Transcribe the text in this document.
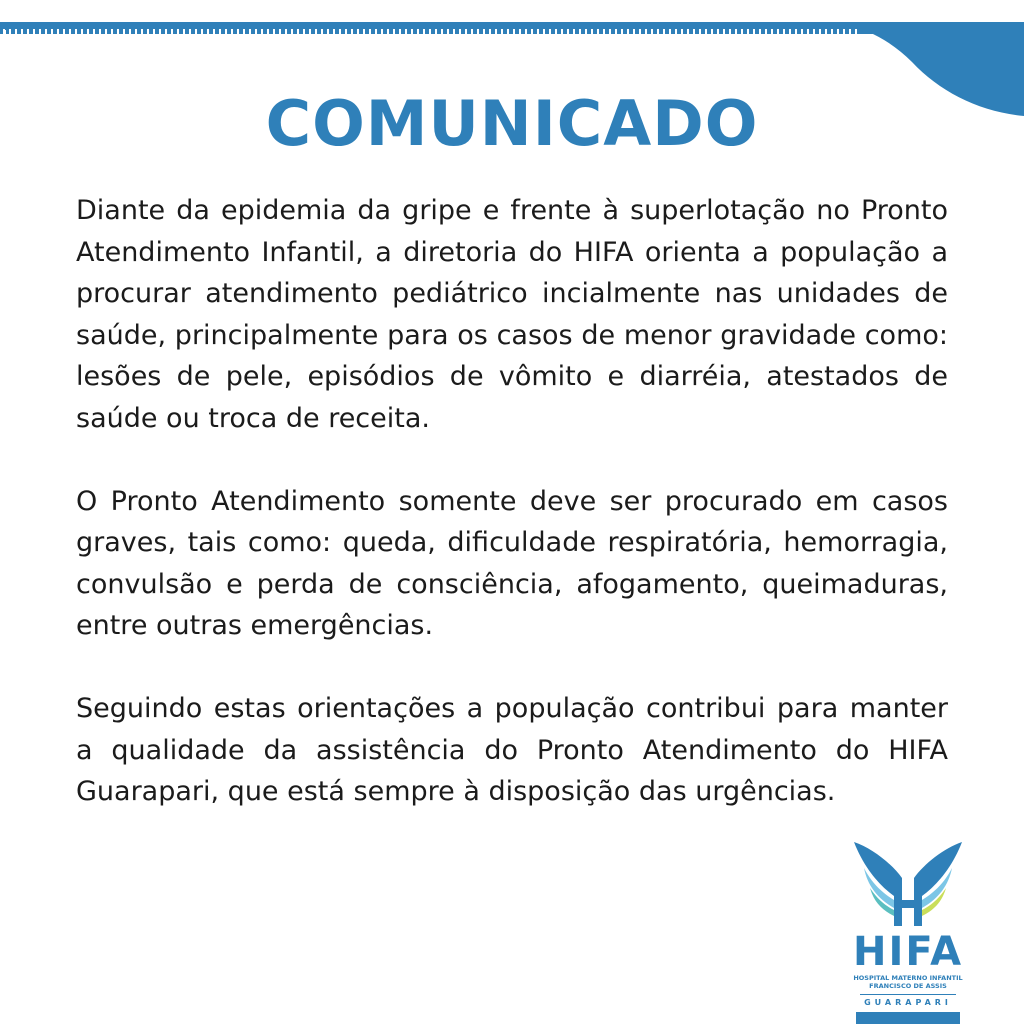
COMUNICADO

Diante da epidemia da gripe e frente à superlotação no Pronto Atendimento Infantil, a diretoria do HIFA orienta a população a procurar atendimento pediátrico incialmente nas unidades de saúde, principalmente para os casos de menor gravidade como: lesões de pele, episódios de vômito e diarréia, atestados de saúde ou troca de receita.

O Pronto Atendimento somente deve ser procurado em casos graves, tais como: queda, dificuldade respiratória, hemorragia, convulsão e perda de consciência, afogamento, queimaduras, entre outras emergências.

Seguindo estas orientações a população contribui para manter a qualidade da assistência do Pronto Atendimento do HIFA Guarapari, que está sempre à disposição das urgências.

HIFA
HOSPITAL MATERNO INFANTIL
FRANCISCO DE ASSIS
GUARAPARI
